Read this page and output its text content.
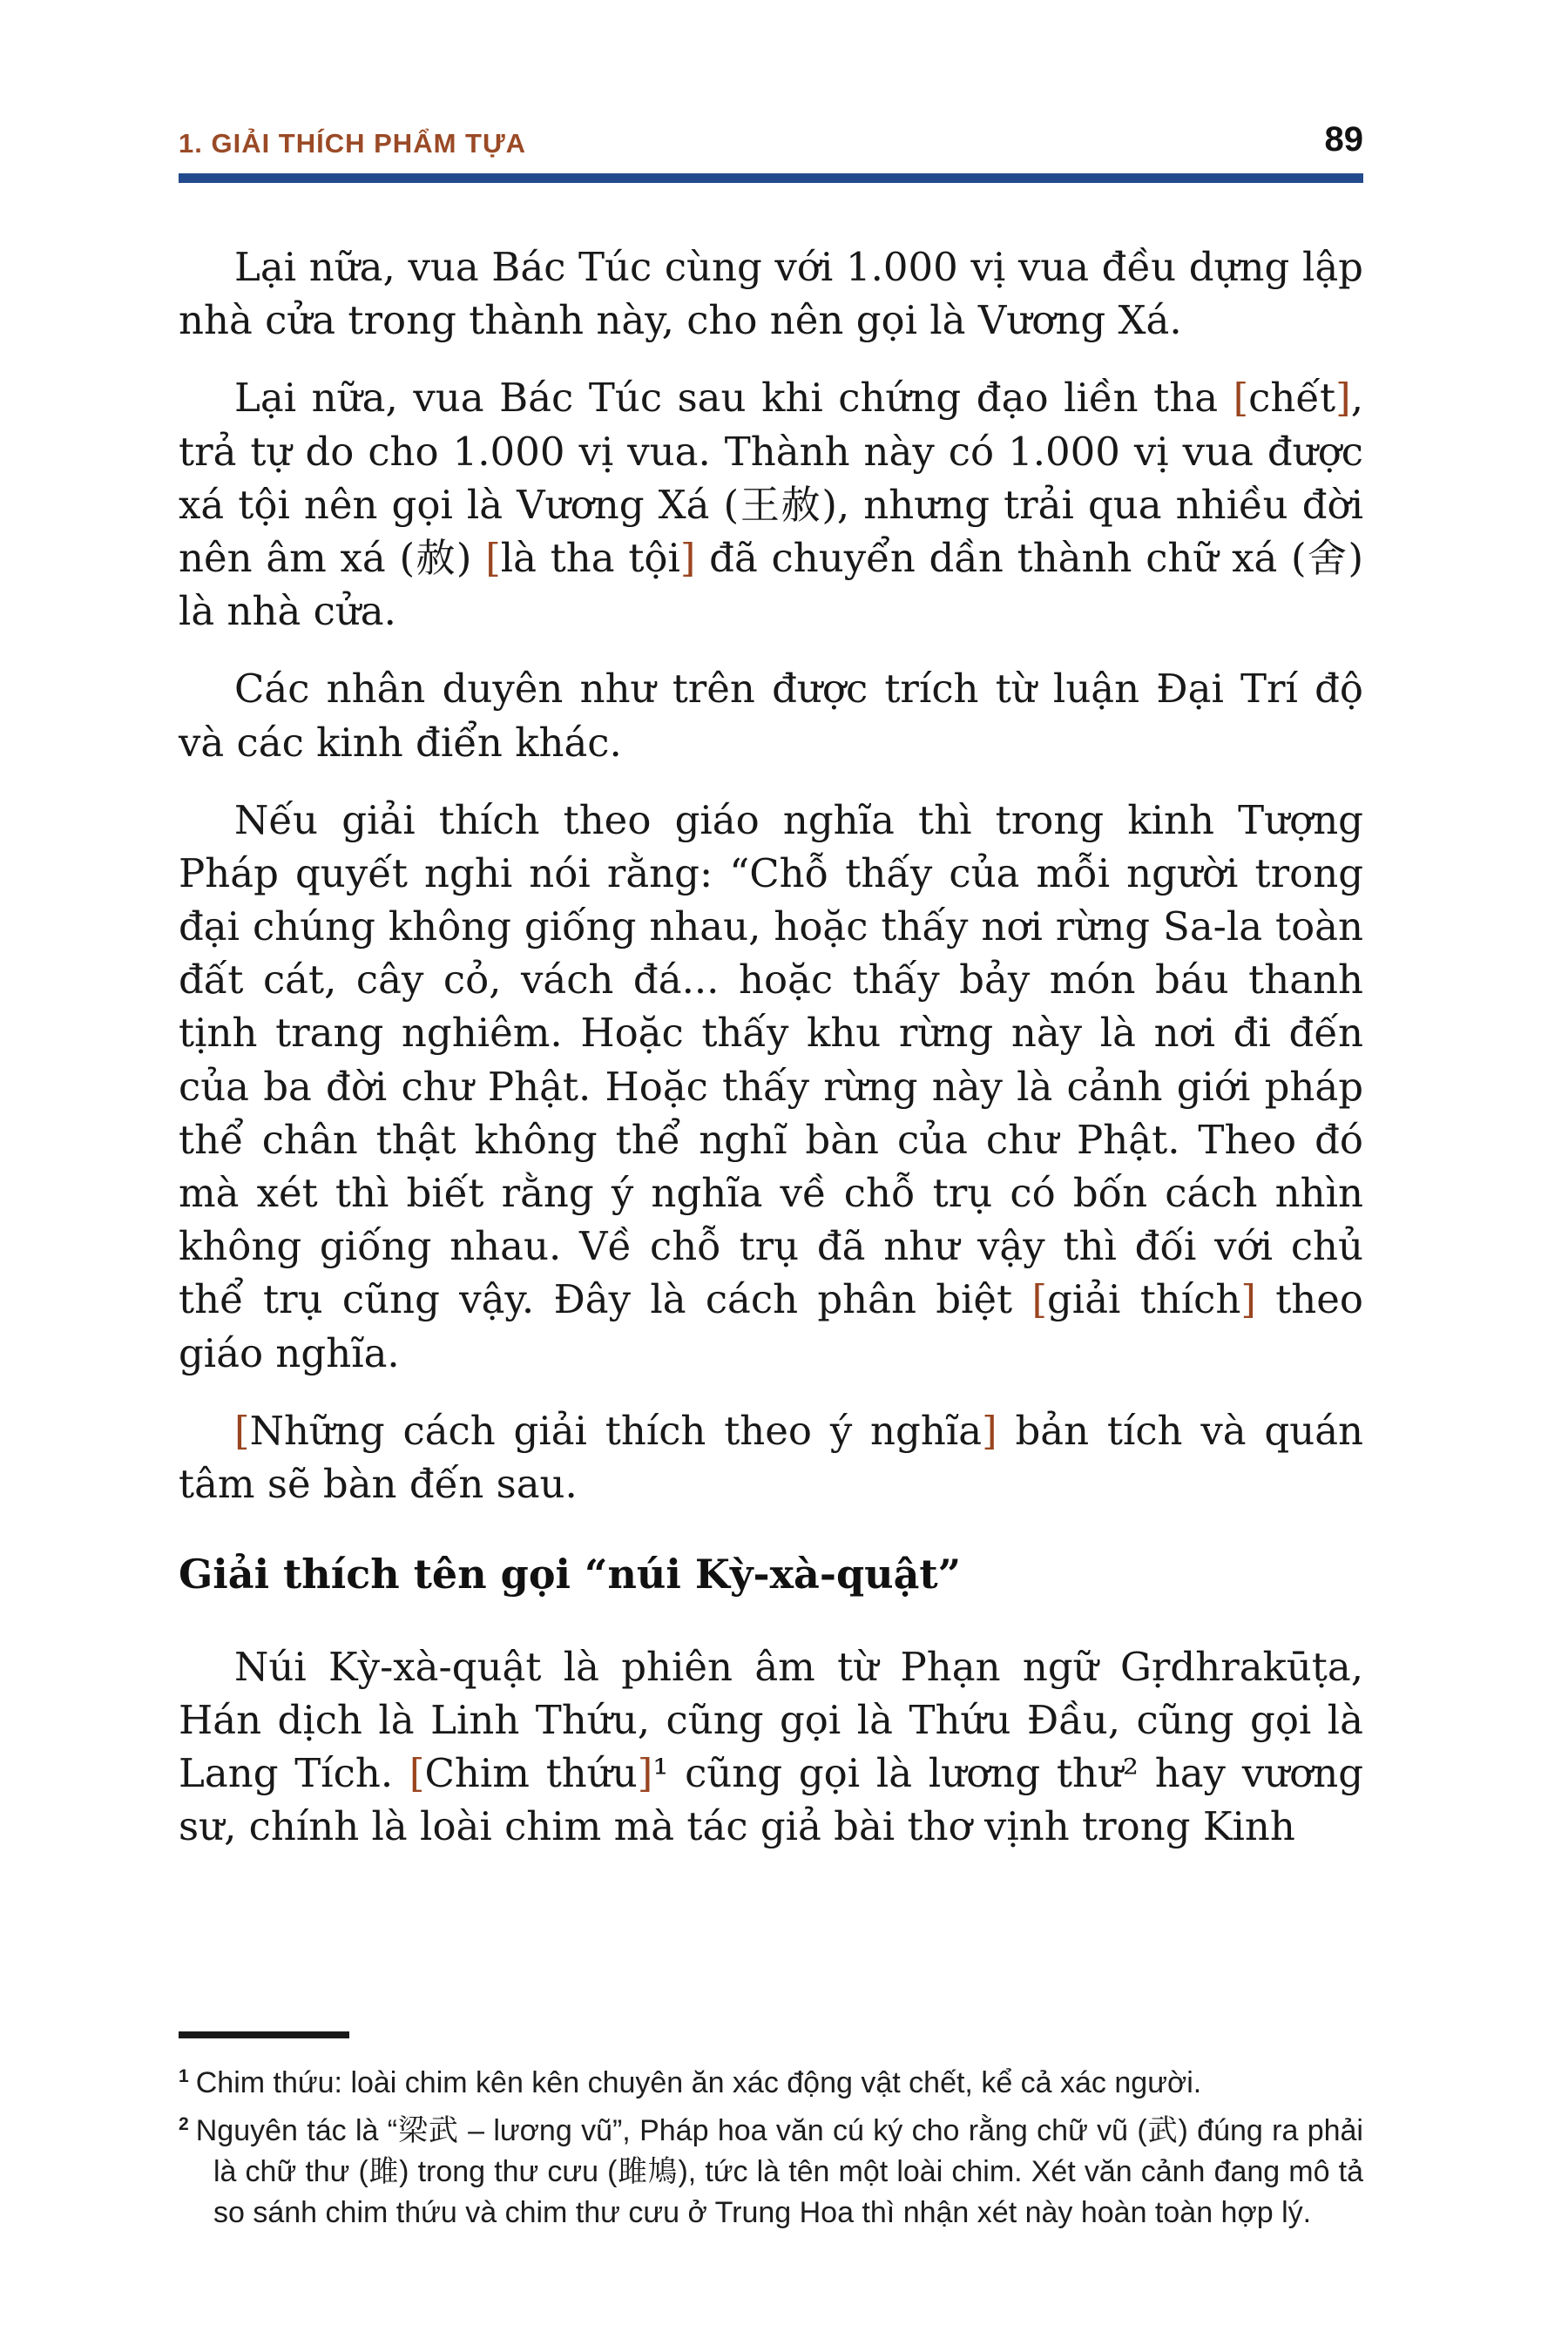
1. GIẢI THÍCH PHẨM TỰA	89

Lại nữa, vua Bác Túc cùng với 1.000 vị vua đều dựng lập nhà cửa trong thành này, cho nên gọi là Vương Xá.

Lại nữa, vua Bác Túc sau khi chứng đạo liền tha [chết], trả tự do cho 1.000 vị vua. Thành này có 1.000 vị vua được xá tội nên gọi là Vương Xá (王赦), nhưng trải qua nhiều đời nên âm xá (赦) [là tha tội] đã chuyển dần thành chữ xá (舍) là nhà cửa.

Các nhân duyên như trên được trích từ luận Đại Trí độ và các kinh điển khác.

Nếu giải thích theo giáo nghĩa thì trong kinh Tượng Pháp quyết nghi nói rằng: “Chỗ thấy của mỗi người trong đại chúng không giống nhau, hoặc thấy nơi rừng Sa-la toàn đất cát, cây cỏ, vách đá... hoặc thấy bảy món báu thanh tịnh trang nghiêm. Hoặc thấy khu rừng này là nơi đi đến của ba đời chư Phật. Hoặc thấy rừng này là cảnh giới pháp thể chân thật không thể nghĩ bàn của chư Phật. Theo đó mà xét thì biết rằng ý nghĩa về chỗ trụ có bốn cách nhìn không giống nhau. Về chỗ trụ đã như vậy thì đối với chủ thể trụ cũng vậy. Đây là cách phân biệt [giải thích] theo giáo nghĩa.

[Những cách giải thích theo ý nghĩa] bản tích và quán tâm sẽ bàn đến sau.

Giải thích tên gọi “núi Kỳ-xà-quật”

Núi Kỳ-xà-quật là phiên âm từ Phạn ngữ Gṛdhrakūṭa, Hán dịch là Linh Thứu, cũng gọi là Thứu Đầu, cũng gọi là Lang Tích. [Chim thứu]¹ cũng gọi là lương thư² hay vương sư, chính là loài chim mà tác giả bài thơ vịnh trong Kinh

$^1$ Chim thứu: loài chim kên kên chuyên ăn xác động vật chết, kể cả xác người.

$^2$ Nguyên tác là “梁武 – lương vũ”, Pháp hoa văn cú ký cho rằng chữ vũ (武) đúng ra phải là chữ thư (雎) trong thư cưu (雎鳩), tức là tên một loài chim. Xét văn cảnh đang mô tả so sánh chim thứu và chim thư cưu ở Trung Hoa thì nhận xét này hoàn toàn hợp lý.
